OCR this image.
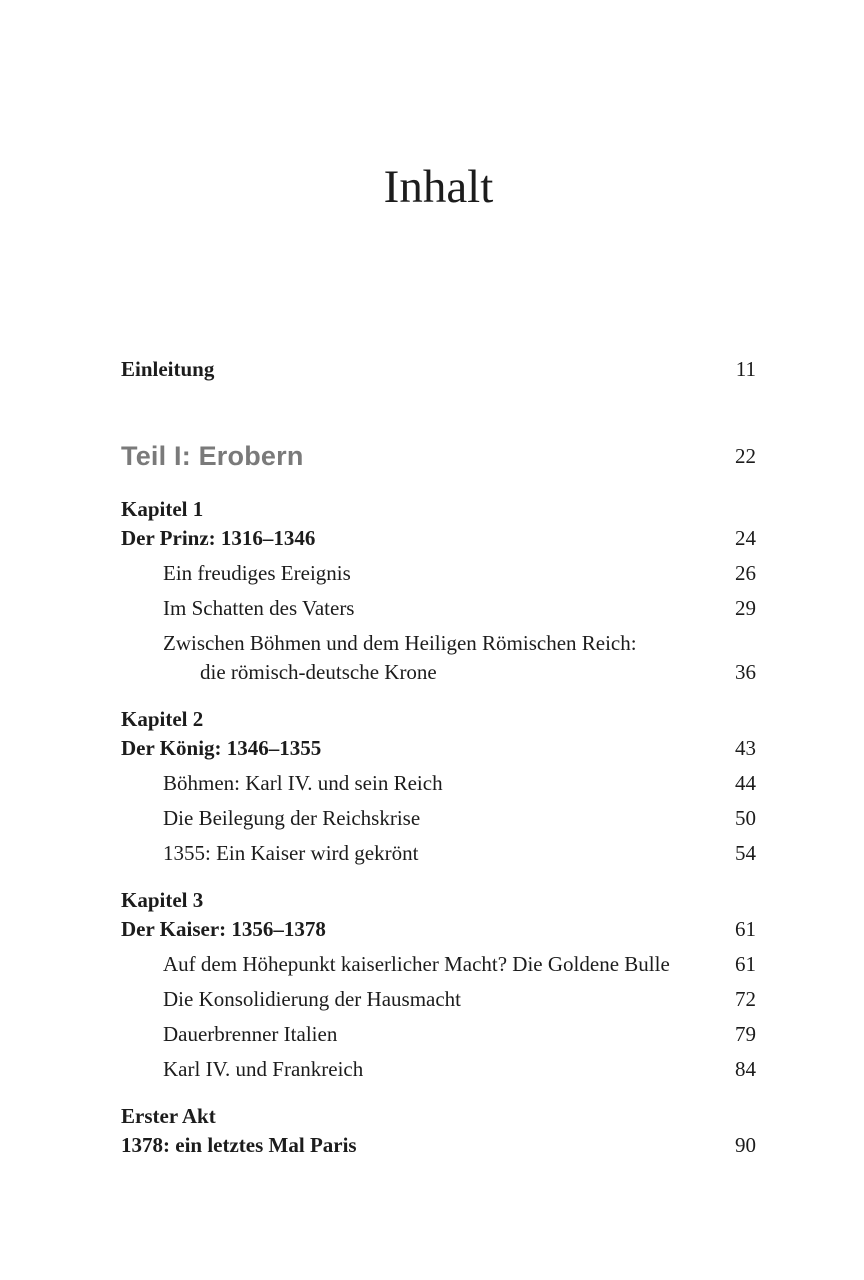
Inhalt
Einleitung	11
Teil I: Erobern	22
Kapitel 1
Der Prinz: 1316–1346	24
Ein freudiges Ereignis	26
Im Schatten des Vaters	29
Zwischen Böhmen und dem Heiligen Römischen Reich:
die römisch-deutsche Krone	36
Kapitel 2
Der König: 1346–1355	43
Böhmen: Karl IV. und sein Reich	44
Die Beilegung der Reichskrise	50
1355: Ein Kaiser wird gekrönt	54
Kapitel 3
Der Kaiser: 1356–1378	61
Auf dem Höhepunkt kaiserlicher Macht? Die Goldene Bulle	61
Die Konsolidierung der Hausmacht	72
Dauerbrenner Italien	79
Karl IV. und Frankreich	84
Erster Akt
1378: ein letztes Mal Paris	90
